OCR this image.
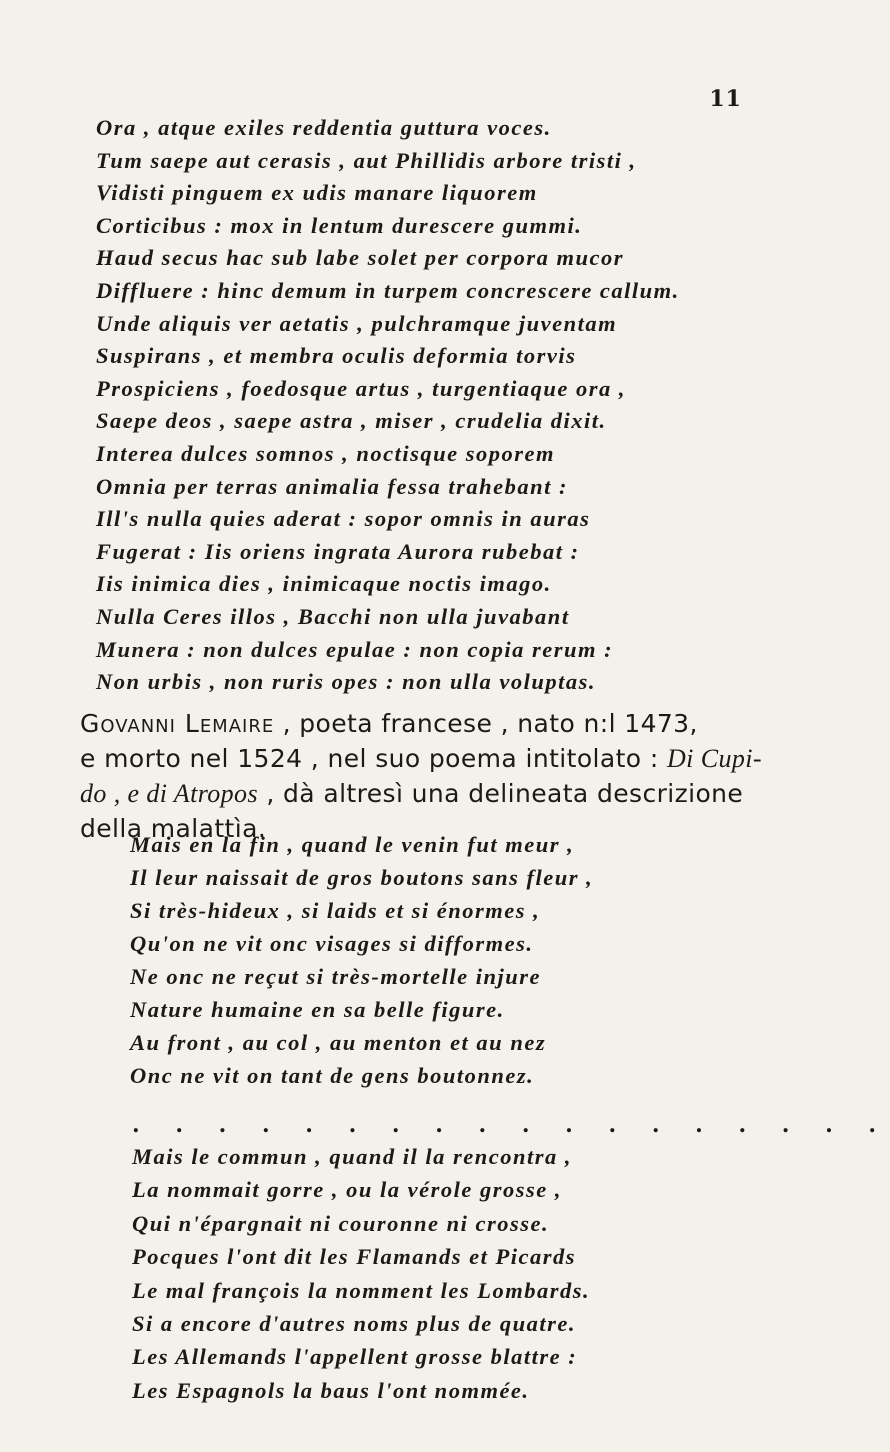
11
Ora , atque exiles reddentia guttura voces.
Tum saepe aut cerasis , aut Phillidis arbore tristi ,
Vidisti pinguem ex udis manare liquorem
Corticibus : mox in lentum durescere gummi.
Haud secus hac sub labe solet per corpora mucor
Diffluere : hinc demum in turpem concrescere callum.
Unde aliquis ver aetatis , pulchramque juventam
Suspirans , et membra oculis deformia torvis
Prospiciens , foedosque artus , turgentiaque ora ,
Saepe deos , saepe astra , miser , crudelia dixit.
Interea dulces somnos , noctisque soporem
Omnia per terras animalia fessa trahebant :
Ill's nulla quies aderat : sopor omnis in auras
Fugerat : Iis oriens ingrata Aurora rubebat :
Iis inimica dies , inimicaque noctis imago.
Nulla Ceres illos , Bacchi non ulla juvabant
Munera : non dulces epulae : non copia rerum :
Non urbis , non ruris opes : non ulla voluptas.
Govanni Lemaire , poeta francese , nato n:l 1473,
e morto nel 1524 , nel suo poema intitolato : Di Cupi-
do , e di Atropos , dà altresì una delineata descrizione
della malattìa.
Mais en la fin , quand le venin fut meur ,
Il leur naissait de gros boutons sans fleur ,
Si très-hideux , si laids et si énormes ,
Qu'on ne vit onc visages si difformes.
Ne onc ne reçut si très-mortelle injure
Nature humaine en sa belle figure.
Au front , au col , au menton et au nez
Onc ne vit on tant de gens boutonnez.
. . . . . . . . . . . . . . . . . .
Mais le commun , quand il la rencontra ,
La nommait gorre , ou la vérole grosse ,
Qui n'épargnait ni couronne ni crosse.
Pocques l'ont dit les Flamands et Picards
Le mal françois la nomment les Lombards.
Si a encore d'autres noms plus de quatre.
Les Allemands l'appellent grosse blattre :
Les Espagnols la baus l'ont nommée.
